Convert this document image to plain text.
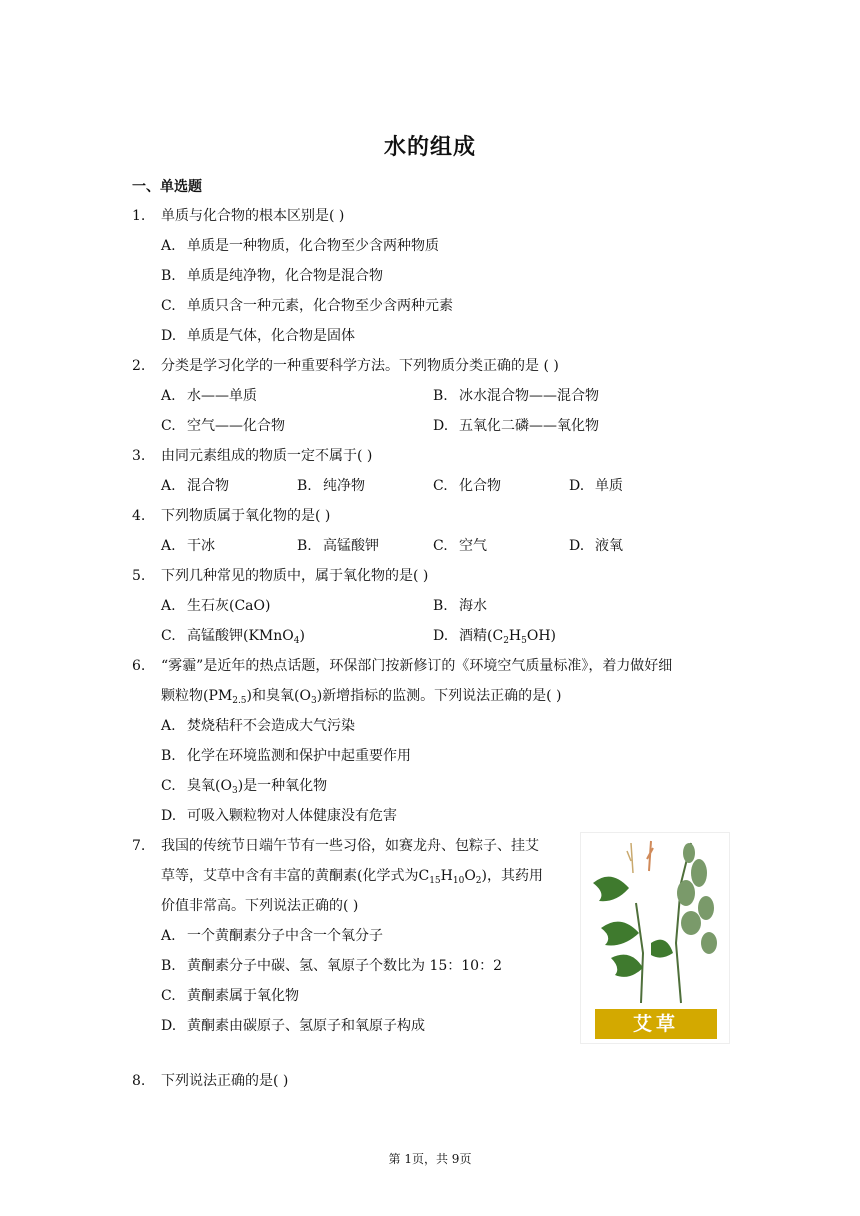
水的组成
一、单选题
1. 单质与化合物的根本区别是( )
A. 单质是一种物质，化合物至少含两种物质
B. 单质是纯净物，化合物是混合物
C. 单质只含一种元素，化合物至少含两种元素
D. 单质是气体，化合物是固体
2. 分类是学习化学的一种重要科学方法。下列物质分类正确的是 ( )
A. 水——单质	B. 冰水混合物——混合物
C. 空气——化合物	D. 五氧化二磷——氧化物
3. 由同元素组成的物质一定不属于( )
A. 混合物	B. 纯净物	C. 化合物	D. 单质
4. 下列物质属于氧化物的是( )
A. 干冰	B. 高锰酸钾	C. 空气	D. 液氧
5. 下列几种常见的物质中，属于氧化物的是( )
A. 生石灰(CaO)	B. 海水
C. 高锰酸钾(KMnO$_4$)	D. 酒精$(C_2H_5OH)$
6. “雾霾”是近年的热点话题，环保部门按新修订的《环境空气质量标准》，着力做好细
颗粒物$(PM_{2.5})$和臭氧$(O_3)$新增指标的监测。下列说法正确的是( )
A. 焚烧秸秆不会造成大气污染
B. 化学在环境监测和保护中起重要作用
C. 臭氧$(O_3)$是一种氧化物
D. 可吸入颗粒物对人体健康没有危害
7. 我国的传统节日端午节有一些习俗，如赛龙舟、包粽子、挂艾
草等，艾草中含有丰富的黄酮素(化学式为$C_{15}H_{10}O_2$)，其药用
价值非常高。下列说法正确的( )
A. 一个黄酮素分子中含一个氧分子
B. 黄酮素分子中碳、氢、氧原子个数比为 15：10：2
C. 黄酮素属于氧化物
D. 黄酮素由碳原子、氢原子和氧原子构成	艾草
8. 下列说法正确的是( )
第 1页，共 9页
